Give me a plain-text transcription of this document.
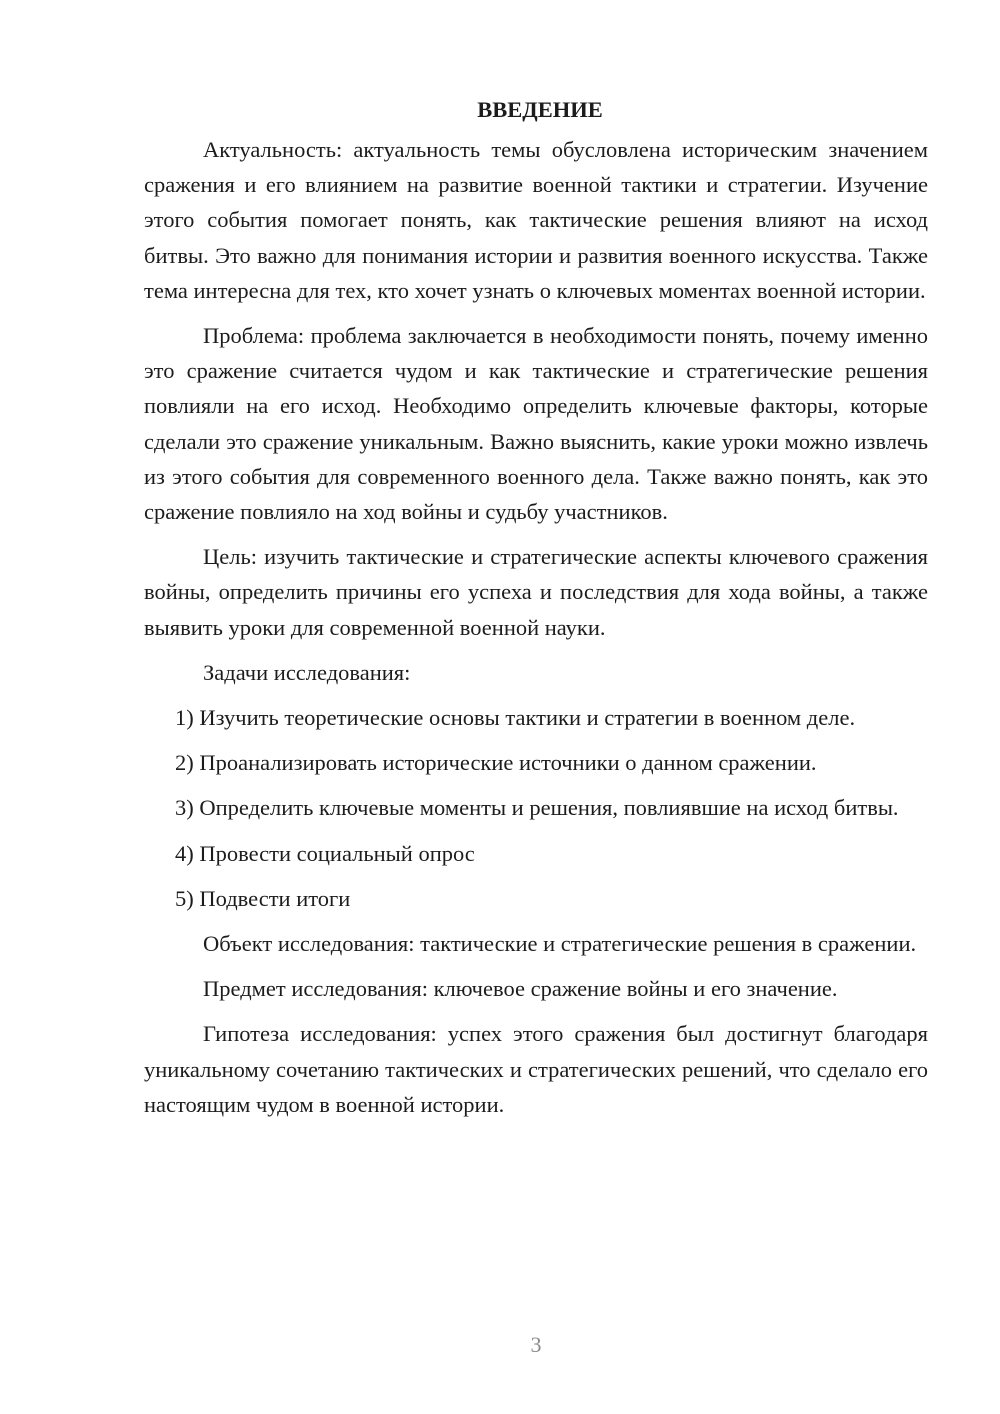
ВВЕДЕНИЕ

Актуальность: актуальность темы обусловлена историческим значением сражения и его влиянием на развитие военной тактики и стратегии. Изучение этого события помогает понять, как тактические решения влияют на исход битвы. Это важно для понимания истории и развития военного искусства. Также тема интересна для тех, кто хочет узнать о ключевых моментах военной истории.

Проблема: проблема заключается в необходимости понять, почему именно это сражение считается чудом и как тактические и стратегические решения повлияли на его исход. Необходимо определить ключевые факторы, которые сделали это сражение уникальным. Важно выяснить, какие уроки можно извлечь из этого события для современного военного дела. Также важно понять, как это сражение повлияло на ход войны и судьбу участников.

Цель: изучить тактические и стратегические аспекты ключевого сражения войны, определить причины его успеха и последствия для хода войны, а также выявить уроки для современной военной науки.

Задачи исследования:

1) Изучить теоретические основы тактики и стратегии в военном деле.

2) Проанализировать исторические источники о данном сражении.

3) Определить ключевые моменты и решения, повлиявшие на исход битвы.

4) Провести социальный опрос

5) Подвести итоги

Объект исследования: тактические и стратегические решения в сражении.

Предмет исследования: ключевое сражение войны и его значение.

Гипотеза исследования: успех этого сражения был достигнут благодаря уникальному сочетанию тактических и стратегических решений, что сделало его настоящим чудом в военной истории.

3
